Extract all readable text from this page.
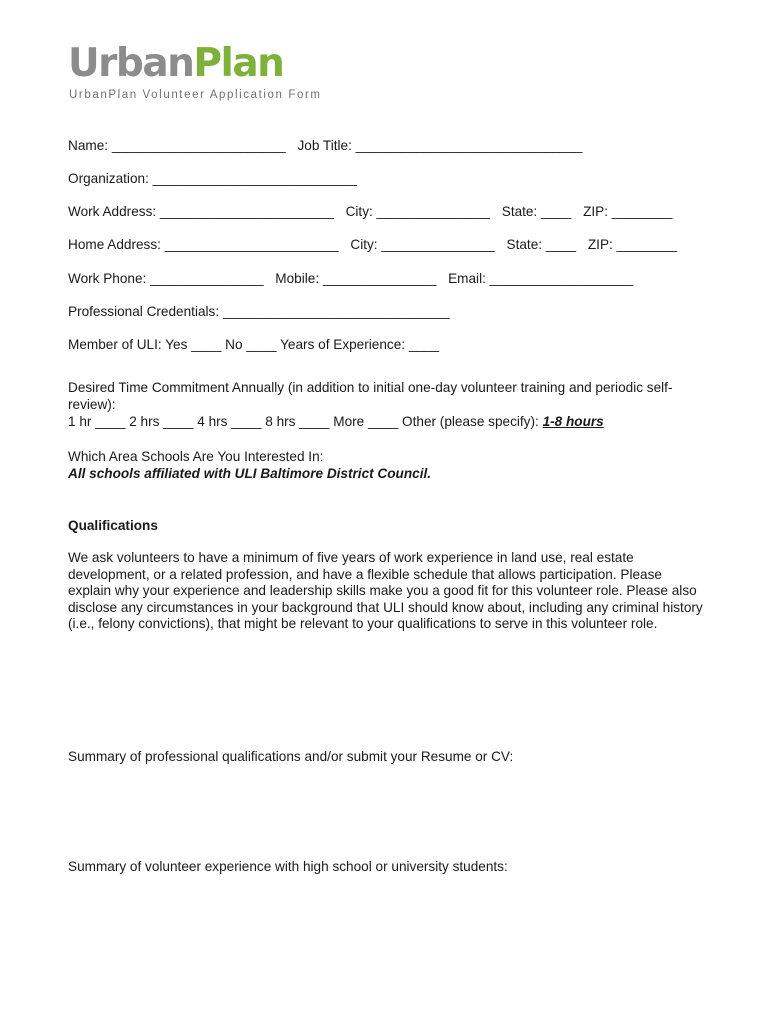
UrbanPlan
UrbanPlan Volunteer Application Form
Name: _______________________ Job Title: ______________________________
Organization: ___________________________
Work Address: _______________________ City: _______________ State: ____ ZIP: ________
Home Address: _______________________ City: _______________ State: ____ ZIP: ________
Work Phone: _______________ Mobile: _______________ Email: ___________________
Professional Credentials: ______________________________
Member of ULI: Yes ____ No ____ Years of Experience: ____
Desired Time Commitment Annually (in addition to initial one-day volunteer training and periodic self-review):
1 hr ____ 2 hrs ____ 4 hrs ____ 8 hrs ____ More ____ Other (please specify): 1-8 hours
Which Area Schools Are You Interested In:
All schools affiliated with ULI Baltimore District Council.
Qualifications
We ask volunteers to have a minimum of five years of work experience in land use, real estate development, or a related profession, and have a flexible schedule that allows participation. Please explain why your experience and leadership skills make you a good fit for this volunteer role. Please also disclose any circumstances in your background that ULI should know about, including any criminal history (i.e., felony convictions), that might be relevant to your qualifications to serve in this volunteer role.
Summary of professional qualifications and/or submit your Resume or CV:
Summary of volunteer experience with high school or university students:
